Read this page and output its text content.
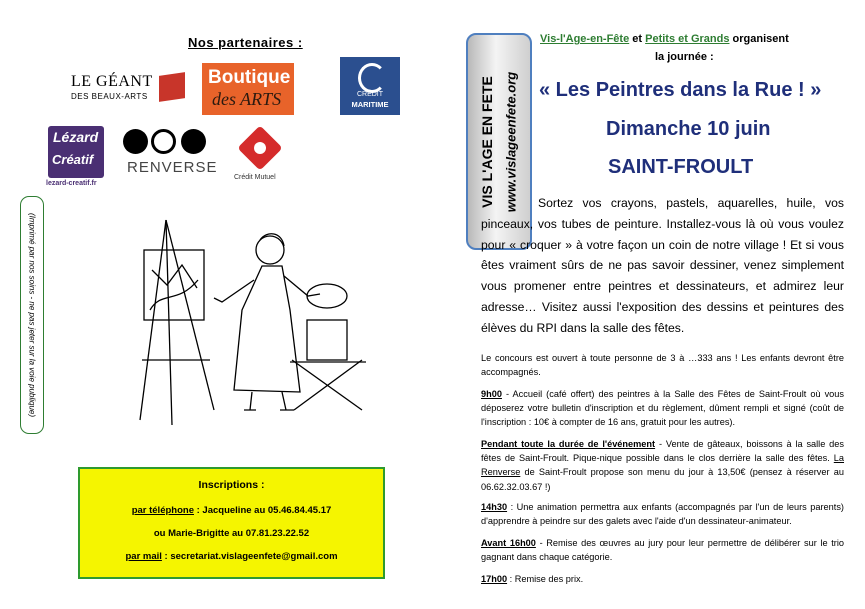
Nos partenaires :
LE GÉANT
DES BEAUX-ARTS
Boutique
des ARTS	CRÉDIT
MARITIME
Lézard
Créatif
lezard-creatif.fr
RENVERSE
Crédit Mutuel
(Imprimé par nos soins - ne pas jeter sur la voie publique)
Inscriptions :
par téléphone : Jacqueline au 05.46.84.45.17
ou Marie-Brigitte au 07.81.23.22.52
par mail : secretariat.vislageenfete@gmail.com
VIS L'AGE EN FETE www.vislageenfete.org
Vis-l'Age-en-Fête et Petits et Grands organisent
la journée :
« Les Peintres dans la Rue ! »
Dimanche 10 juin
SAINT-FROULT
Sortez vos crayons, pastels, aquarelles, huile, vos pinceaux, vos tubes de peinture. Installez-vous là où vous voulez pour « croquer » à votre façon un coin de notre village ! Et si vous êtes vraiment sûrs de ne pas savoir dessiner, venez simplement vous promener entre peintres et dessinateurs, et admirez leur adresse… Visitez aussi l'exposition des dessins et peintures des élèves du RPI dans la salle des fêtes.
Le concours est ouvert à toute personne de 3 à …333 ans ! Les enfants devront être accompagnés.
9h00 - Accueil (café offert) des peintres à la Salle des Fêtes de Saint-Froult où vous déposerez votre bulletin d'inscription et du règlement, dûment rempli et signé (coût de l'inscription : 10€ à compter de 16 ans, gratuit pour les autres).
Pendant toute la durée de l'événement - Vente de gâteaux, boissons à la salle des fêtes de Saint-Froult. Pique-nique possible dans le clos derrière la salle des fêtes. La Renverse de Saint-Froult propose son menu du jour à 13,50€ (pensez à réserver au 06.62.32.03.67 !)
14h30 : Une animation permettra aux enfants (accompagnés par l'un de leurs parents) d'apprendre à peindre sur des galets avec l'aide d'un dessinateur-animateur.
Avant 16h00 - Remise des œuvres au jury pour leur permettre de délibérer sur le trio gagnant dans chaque catégorie.
17h00 : Remise des prix.
